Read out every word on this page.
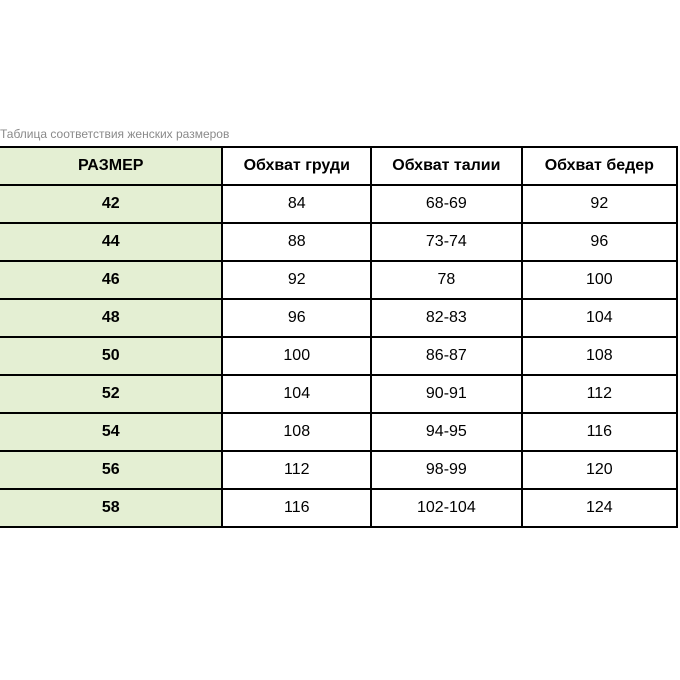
Таблица соответствия женских размеров
РАЗМЕР	Обхват груди	Обхват талии	Обхват бедер
42	84	68-69	92
44	88	73-74	96
46	92	78	100
48	96	82-83	104
50	100	86-87	108
52	104	90-91	112
54	108	94-95	116
56	112	98-99	120
58	116	102-104	124
